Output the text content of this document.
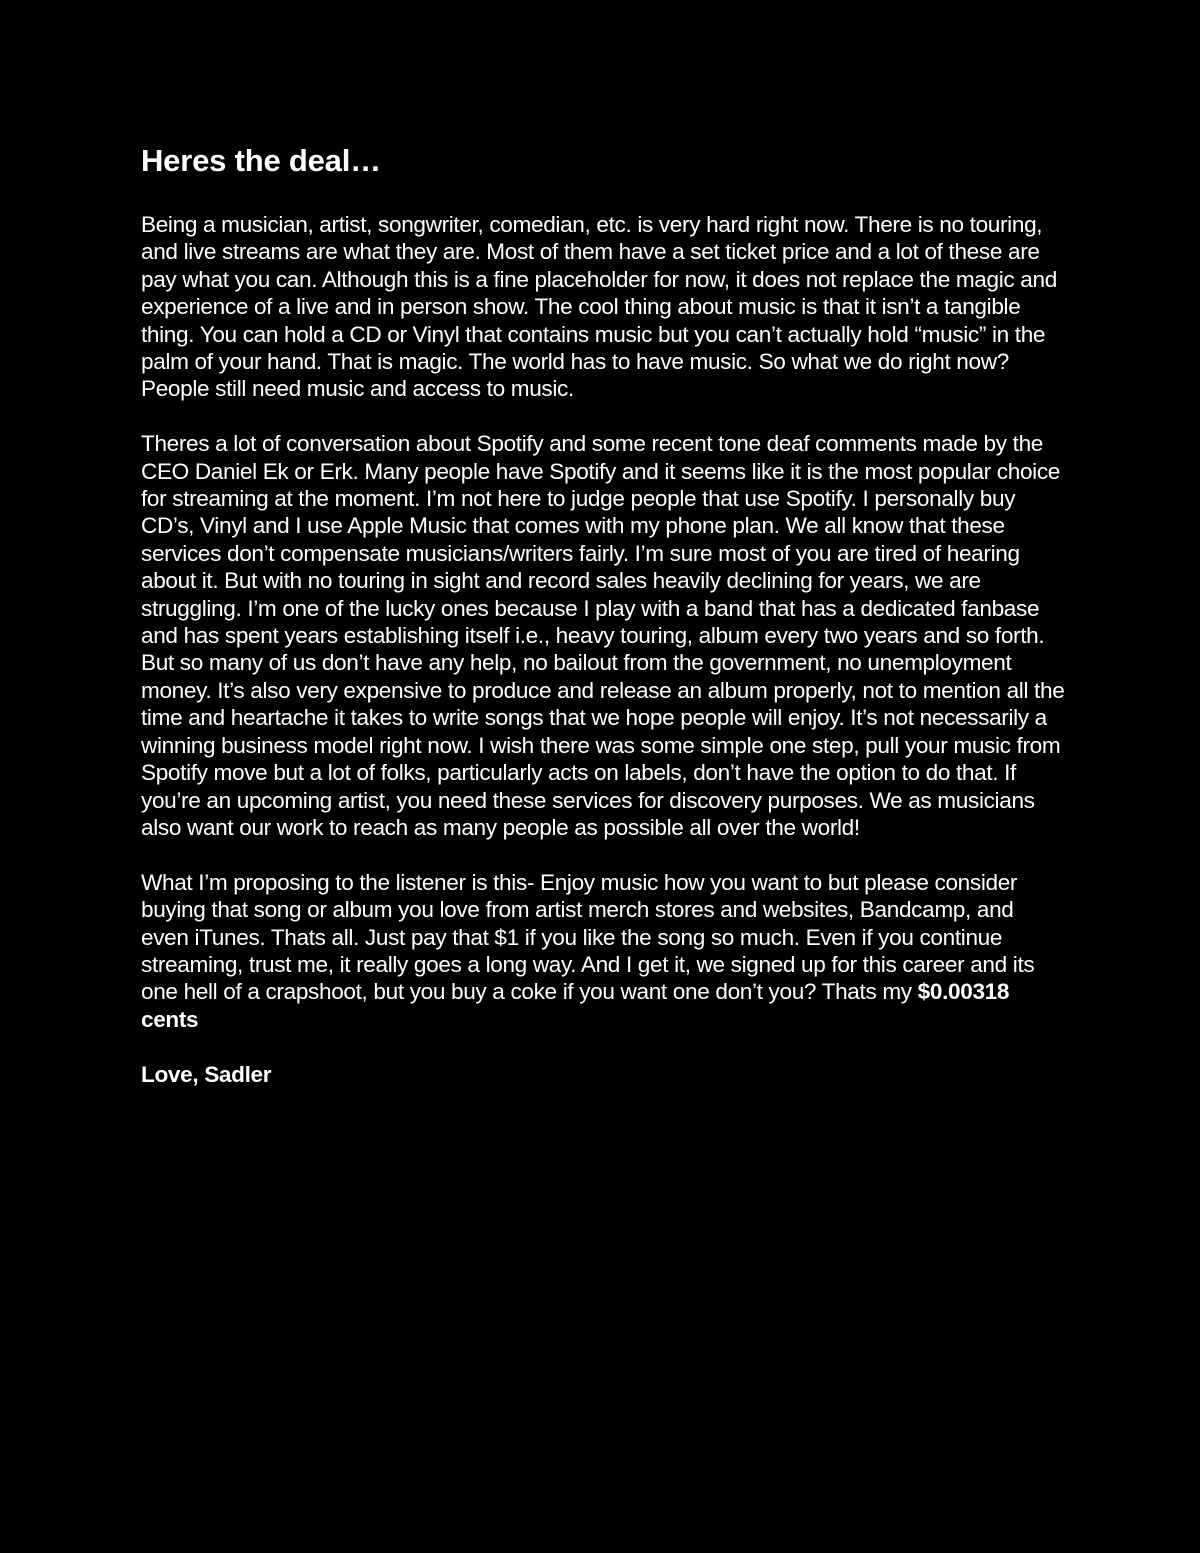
Heres the deal…

Being a musician, artist, songwriter, comedian, etc. is very hard right now. There is no touring, and live streams are what they are. Most of them have a set ticket price and a lot of these are pay what you can. Although this is a fine placeholder for now, it does not replace the magic and experience of a live and in person show. The cool thing about music is that it isn’t a tangible thing. You can hold a CD or Vinyl that contains music but you can’t actually hold “music” in the palm of your hand. That is magic. The world has to have music. So what we do right now? People still need music and access to music.

Theres a lot of conversation about Spotify and some recent tone deaf comments made by the CEO Daniel Ek or Erk. Many people have Spotify and it seems like it is the most popular choice for streaming at the moment. I’m not here to judge people that use Spotify. I personally buy CD’s, Vinyl and I use Apple Music that comes with my phone plan. We all know that these services don’t compensate musicians/writers fairly. I’m sure most of you are tired of hearing about it. But with no touring in sight and record sales heavily declining for years, we are struggling. I’m one of the lucky ones because I play with a band that has a dedicated fanbase and has spent years establishing itself i.e., heavy touring, album every two years and so forth. But so many of us don’t have any help, no bailout from the government, no unemployment money. It’s also very expensive to produce and release an album properly, not to mention all the time and heartache it takes to write songs that we hope people will enjoy. It’s not necessarily a winning business model right now. I wish there was some simple one step, pull your music from Spotify move but a lot of folks, particularly acts on labels, don’t have the option to do that. If you’re an upcoming artist, you need these services for discovery purposes. We as musicians also want our work to reach as many people as possible all over the world!

What I’m proposing to the listener is this- Enjoy music how you want to but please consider buying that song or album you love from artist merch stores and websites, Bandcamp, and even iTunes. Thats all. Just pay that $1 if you like the song so much. Even if you continue streaming, trust me, it really goes a long way. And I get it, we signed up for this career and its one hell of a crapshoot, but you buy a coke if you want one don’t you? Thats my $0.00318 cents

Love, Sadler
